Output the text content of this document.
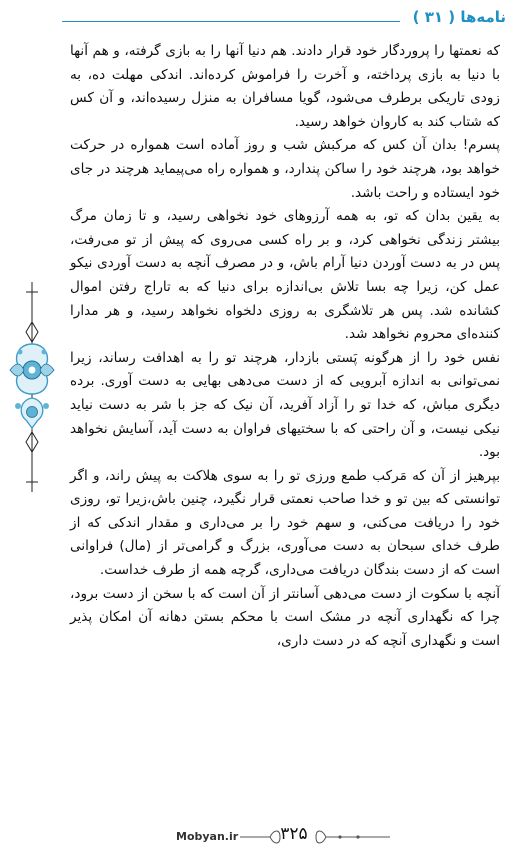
نامه‌ها ( ۳۱ )

که نعمتها را پروردگار خود قرار دادند. هم دنیا آنها را به بازی گرفته، و هم آنها با دنیا به بازی پرداخته، و آخرت را فراموش کرده‌اند. اندکی مهلت ده، به زودی تاریکی برطرف می‌شود، گویا مسافران به منزل رسیده‌اند، و آن کس که شتاب کند به کاروان خواهد رسید.

پسرم! بدان آن کس که مرکبش شب و روز آماده است همواره در حرکت خواهد بود، هرچند خود را ساکن پندارد، و همواره راه می‌پیماید هرچند در جای خود ایستاده و راحت باشد.

به یقین بدان که تو، به همه آرزوهای خود نخواهی رسید، و تا زمان مرگ بیشتر زندگی نخواهی کرد، و بر راه کسی می‌روی که پیش از تو می‌رفت، پس در به دست آوردن دنیا آرام باش، و در مصرف آنچه به دست آوردی نیکو عمل کن، زیرا چه بسا تلاش بی‌اندازه برای دنیا که به تاراج رفتن اموال کشانده شد. پس هر تلاشگری به روزی دلخواه نخواهد رسید، و هر مدارا کننده‌ای محروم نخواهد شد.

نفس خود را از هرگونه پَستی بازدار، هرچند تو را به اهدافت رساند، زیرا نمی‌توانی به اندازه آبرویی که از دست می‌دهی بهایی به دست آوری. برده دیگری مباش، که خدا تو را آزاد آفرید، آن نیک که جز با شر به دست نیاید نیکی نیست، و آن راحتی که با سختیهای فراوان به دست آید، آسایش نخواهد بود.

بپرهیز از آن که مَرکب طمع ورزی تو را به سوی هلاکت به پیش راند، و اگر توانستی که بین تو و خدا صاحب نعمتی قرار نگیرد، چنین باش،زیرا تو، روزی خود را دریافت می‌کنی، و سهم خود را بر می‌داری و مقدار اندکی که از طرف خدای سبحان به دست می‌آوری، بزرگ و گرامی‌تر از (مال) فراوانی است که از دست بندگان دریافت می‌داری، گرچه همه از طرف خداست.

آنچه با سکوت از دست می‌دهی آسانتر از آن است که با سخن از دست برود، چرا که نگهداری آنچه در مشک است با محکم بستن دهانه آن امکان پذیر است و نگهداری آنچه که در دست داری،

Mobyan.ir ۳۲۵
